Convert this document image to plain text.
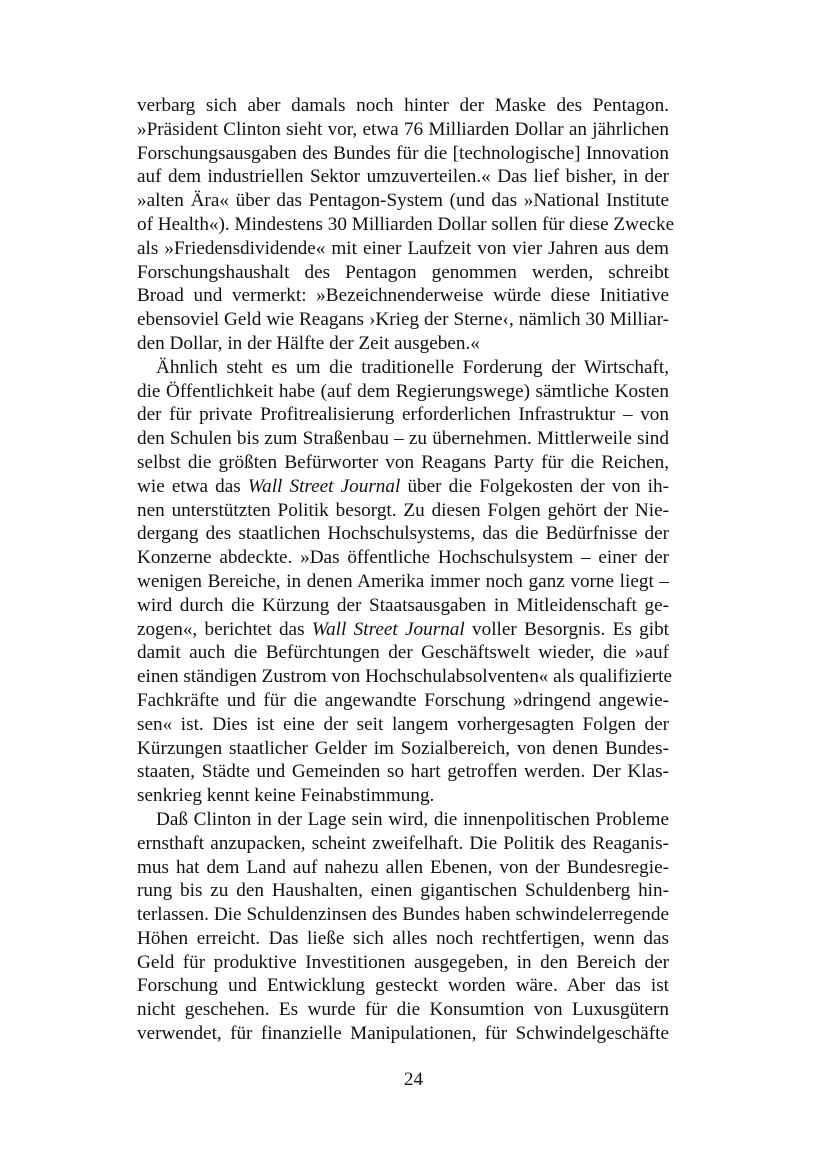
verbarg sich aber damals noch hinter der Maske des Pentagon.
»Präsident Clinton sieht vor, etwa 76 Milliarden Dollar an jährlichen
Forschungsausgaben des Bundes für die [technologische] Innovation
auf dem industriellen Sektor umzuverteilen.« Das lief bisher, in der
»alten Ära« über das Pentagon-System (und das »National Institute
of Health«). Mindestens 30 Milliarden Dollar sollen für diese Zwecke
als »Friedensdividende« mit einer Laufzeit von vier Jahren aus dem
Forschungshaushalt des Pentagon genommen werden, schreibt
Broad und vermerkt: »Bezeichnenderweise würde diese Initiative
ebensoviel Geld wie Reagans ›Krieg der Sterne‹, nämlich 30 Milliar-
den Dollar, in der Hälfte der Zeit ausgeben.«
Ähnlich steht es um die traditionelle Forderung der Wirtschaft,
die Öffentlichkeit habe (auf dem Regierungswege) sämtliche Kosten
der für private Profitrealisierung erforderlichen Infrastruktur – von
den Schulen bis zum Straßenbau – zu übernehmen. Mittlerweile sind
selbst die größten Befürworter von Reagans Party für die Reichen,
wie etwa das Wall Street Journal über die Folgekosten der von ih-
nen unterstützten Politik besorgt. Zu diesen Folgen gehört der Nie-
dergang des staatlichen Hochschulsystems, das die Bedürfnisse der
Konzerne abdeckte. »Das öffentliche Hochschulsystem – einer der
wenigen Bereiche, in denen Amerika immer noch ganz vorne liegt –
wird durch die Kürzung der Staatsausgaben in Mitleidenschaft ge-
zogen«, berichtet das Wall Street Journal voller Besorgnis. Es gibt
damit auch die Befürchtungen der Geschäftswelt wieder, die »auf
einen ständigen Zustrom von Hochschulabsolventen« als qualifizierte
Fachkräfte und für die angewandte Forschung »dringend angewie-
sen« ist. Dies ist eine der seit langem vorhergesagten Folgen der
Kürzungen staatlicher Gelder im Sozialbereich, von denen Bundes-
staaten, Städte und Gemeinden so hart getroffen werden. Der Klas-
senkrieg kennt keine Feinabstimmung.
Daß Clinton in der Lage sein wird, die innenpolitischen Probleme
ernsthaft anzupacken, scheint zweifelhaft. Die Politik des Reaganis-
mus hat dem Land auf nahezu allen Ebenen, von der Bundesregie-
rung bis zu den Haushalten, einen gigantischen Schuldenberg hin-
terlassen. Die Schuldenzinsen des Bundes haben schwindelerregende
Höhen erreicht. Das ließe sich alles noch rechtfertigen, wenn das
Geld für produktive Investitionen ausgegeben, in den Bereich der
Forschung und Entwicklung gesteckt worden wäre. Aber das ist
nicht geschehen. Es wurde für die Konsumtion von Luxusgütern
verwendet, für finanzielle Manipulationen, für Schwindelgeschäfte
24
